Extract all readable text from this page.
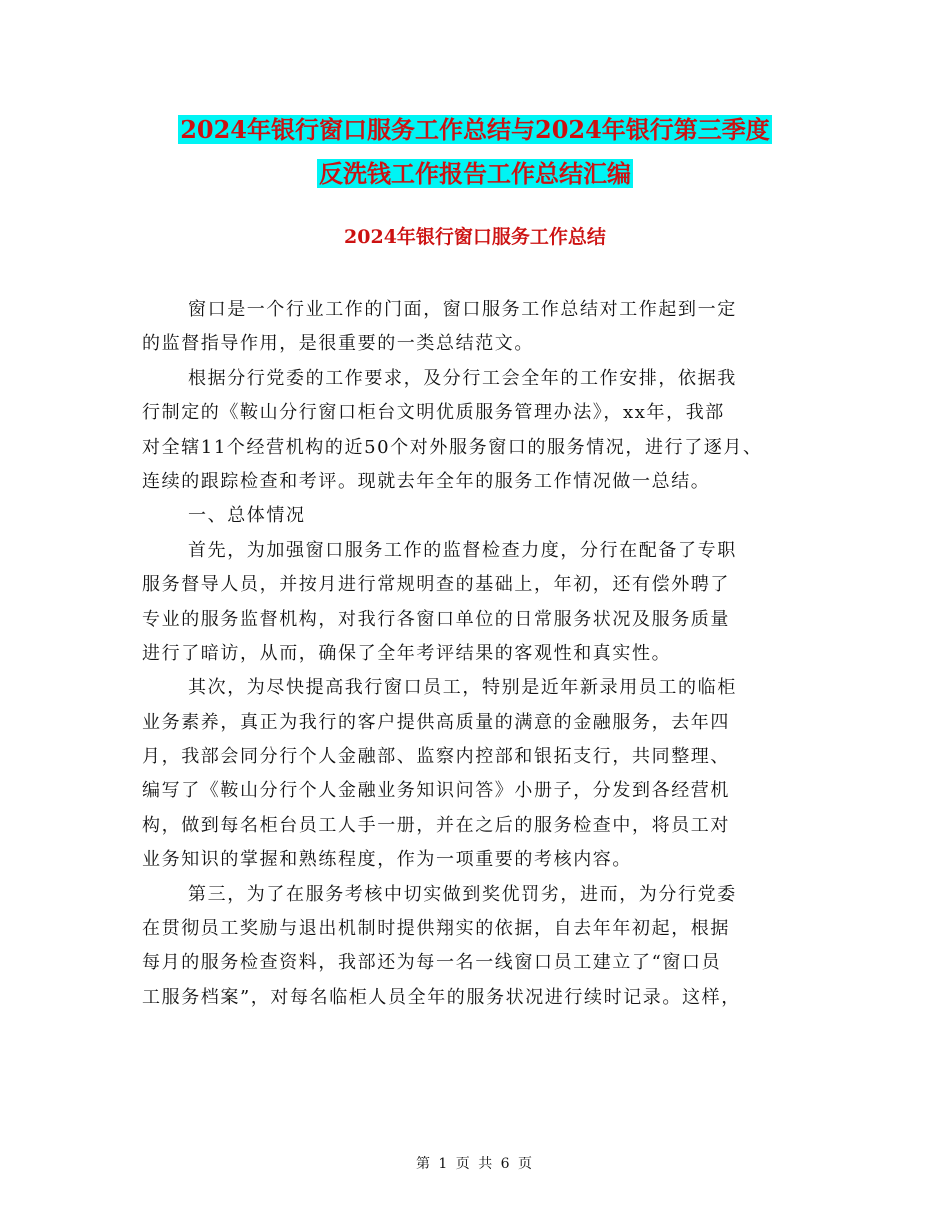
2024年银行窗口服务工作总结与2024年银行第三季度
反洗钱工作报告工作总结汇编
2024年银行窗口服务工作总结
窗口是一个行业工作的门面，窗口服务工作总结对工作起到一定
的监督指导作用，是很重要的一类总结范文。
根据分行党委的工作要求，及分行工会全年的工作安排，依据我
行制定的《鞍山分行窗口柜台文明优质服务管理办法》，xx年，我部
对全辖11个经营机构的近50个对外服务窗口的服务情况，进行了逐月、
连续的跟踪检查和考评。现就去年全年的服务工作情况做一总结。
一、总体情况
首先，为加强窗口服务工作的监督检查力度，分行在配备了专职
服务督导人员，并按月进行常规明查的基础上，年初，还有偿外聘了
专业的服务监督机构，对我行各窗口单位的日常服务状况及服务质量
进行了暗访，从而，确保了全年考评结果的客观性和真实性。
其次，为尽快提高我行窗口员工，特别是近年新录用员工的临柜
业务素养，真正为我行的客户提供高质量的满意的金融服务，去年四
月，我部会同分行个人金融部、监察内控部和银拓支行，共同整理、
编写了《鞍山分行个人金融业务知识问答》小册子，分发到各经营机
构，做到每名柜台员工人手一册，并在之后的服务检查中，将员工对
业务知识的掌握和熟练程度，作为一项重要的考核内容。
第三，为了在服务考核中切实做到奖优罚劣，进而，为分行党委
在贯彻员工奖励与退出机制时提供翔实的依据，自去年年初起，根据
每月的服务检查资料，我部还为每一名一线窗口员工建立了“窗口员
工服务档案”，对每名临柜人员全年的服务状况进行续时记录。这样，
第 1 页 共 6 页
